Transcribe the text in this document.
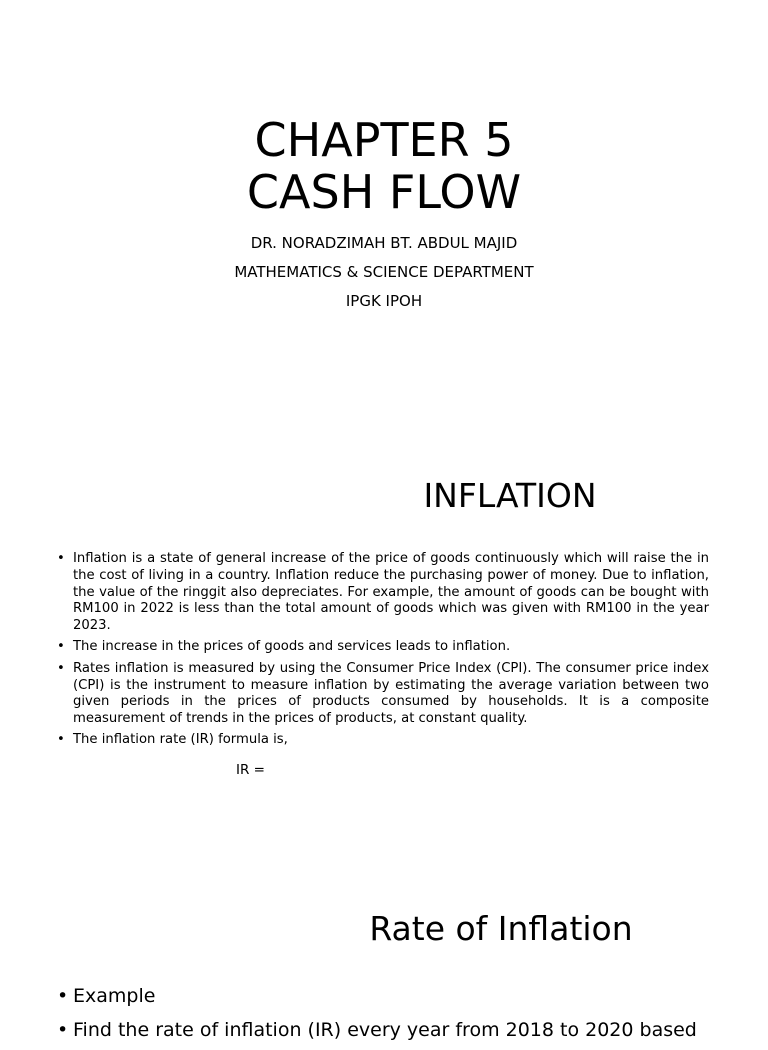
CHAPTER 5
CASH FLOW
DR. NORADZIMAH BT. ABDUL MAJID
MATHEMATICS & SCIENCE DEPARTMENT
IPGK IPOH
INFLATION
• Inflation is a state of general increase of the price of goods continuously which will raise the in the cost of living in a country. Inflation reduce the purchasing power of money. Due to inflation, the value of the ringgit also depreciates. For example, the amount of goods can be bought with RM100 in 2022 is less than the total amount of goods which was given with RM100 in the year 2023.
• The increase in the prices of goods and services leads to inflation.
• Rates inflation is measured by using the Consumer Price Index (CPI). The consumer price index (CPI) is the instrument to measure inflation by estimating the average variation between two given periods in the prices of products consumed by households. It is a composite measurement of trends in the prices of products, at constant quality.
• The inflation rate (IR) formula is,
IR =
Rate of Inflation
• Example
• Find the rate of inflation (IR) every year from 2018 to 2020 based
